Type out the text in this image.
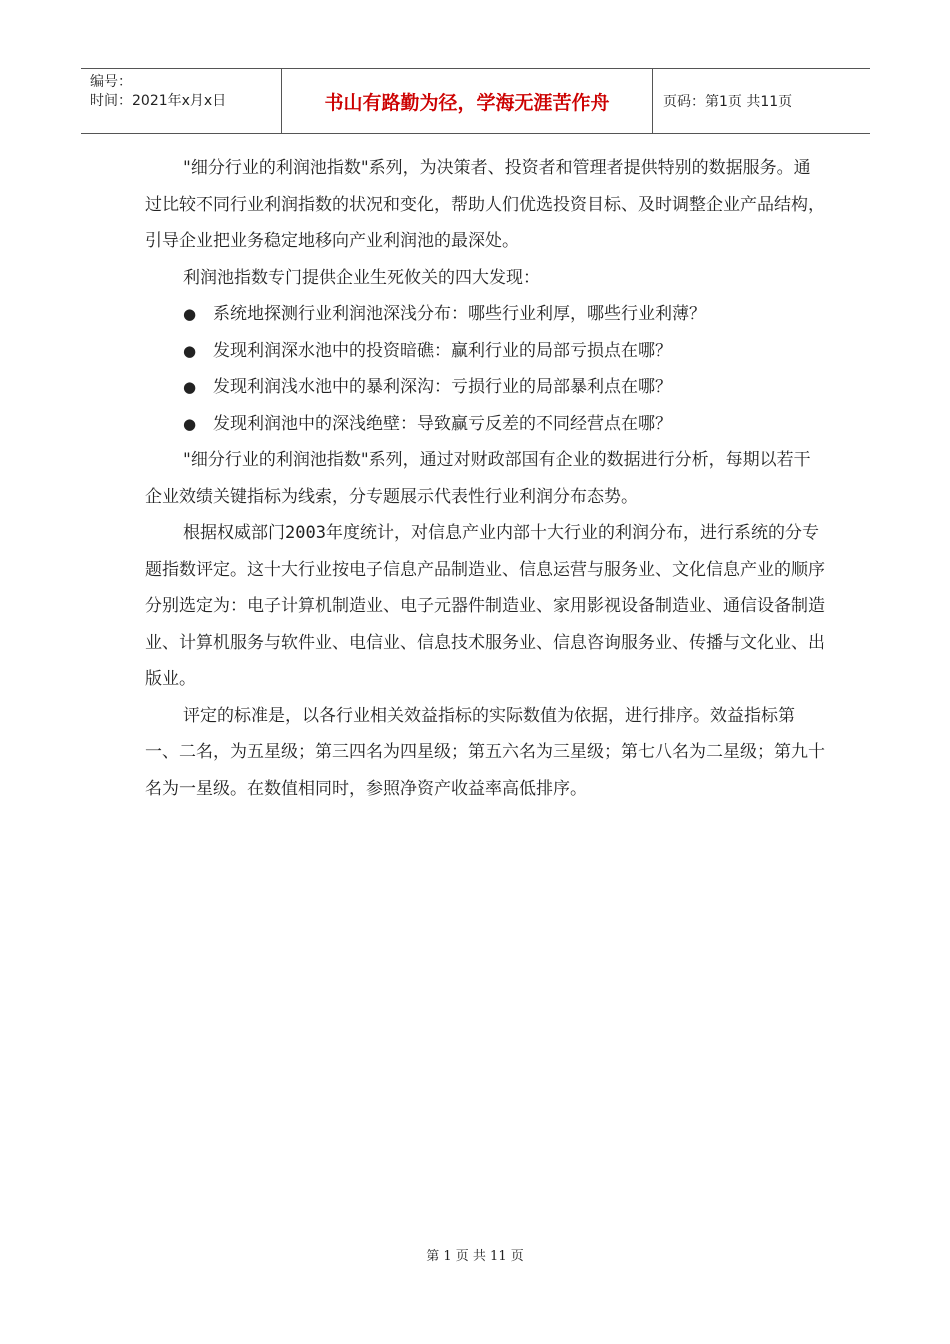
编号：
时间：2021年x月x日	书山有路勤为径，学海无涯苦作舟	页码：第1页 共11页

"细分行业的利润池指数"系列，为决策者、投资者和管理者提供特别的数据服务。通过比较不同行业利润指数的状况和变化，帮助人们优选投资目标、及时调整企业产品结构，引导企业把业务稳定地移向产业利润池的最深处。

利润池指数专门提供企业生死攸关的四大发现：

● 系统地探测行业利润池深浅分布：哪些行业利厚，哪些行业利薄？

● 发现利润深水池中的投资暗礁：赢利行业的局部亏损点在哪？

● 发现利润浅水池中的暴利深沟：亏损行业的局部暴利点在哪？

● 发现利润池中的深浅绝壁：导致赢亏反差的不同经营点在哪？

"细分行业的利润池指数"系列，通过对财政部国有企业的数据进行分析，每期以若干企业效绩关键指标为线索，分专题展示代表性行业利润分布态势。

根据权威部门2003年度统计，对信息产业内部十大行业的利润分布，进行系统的分专题指数评定。这十大行业按电子信息产品制造业、信息运营与服务业、文化信息产业的顺序分别选定为：电子计算机制造业、电子元器件制造业、家用影视设备制造业、通信设备制造业、计算机服务与软件业、电信业、信息技术服务业、信息咨询服务业、传播与文化业、出版业。

评定的标准是，以各行业相关效益指标的实际数值为依据，进行排序。效益指标第一、二名，为五星级；第三四名为四星级；第五六名为三星级；第七八名为二星级；第九十名为一星级。在数值相同时，参照净资产收益率高低排序。

第 1 页 共 11 页
